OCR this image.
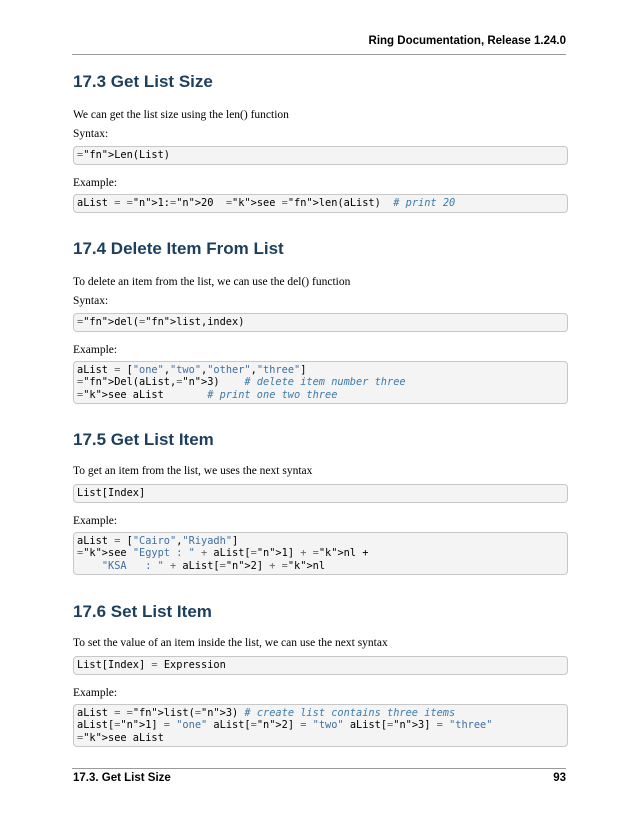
Ring Documentation, Release 1.24.0
17.3 Get List Size

We can get the list size using the len() function

Syntax:

="fn">Len(List)

Example:

aList = ="n">1:="n">20  ="k">see ="fn">len(aList)  # print 20
17.4 Delete Item From List

To delete an item from the list, we can use the del() function

Syntax:

="fn">del(="fn">list,index)

Example:

aList = ["one","two","other","three"]
="fn">Del(aList,="n">3)    # delete item number three
="k">see aList       # print one two three
17.5 Get List Item

To get an item from the list, we uses the next syntax

List[Index]

Example:

aList = ["Cairo","Riyadh"]
="k">see "Egypt : " + aList[="n">1] + ="k">nl +
"KSA   : " + aList[="n">2] + ="k">nl
17.6 Set List Item

To set the value of an item inside the list, we can use the next syntax

List[Index] = Expression

Example:

aList = ="fn">list(="n">3) # create list contains three items
aList[="n">1] = "one" aList[="n">2] = "two" aList[="n">3] = "three"
="k">see aList
17.3. Get List Size	93
